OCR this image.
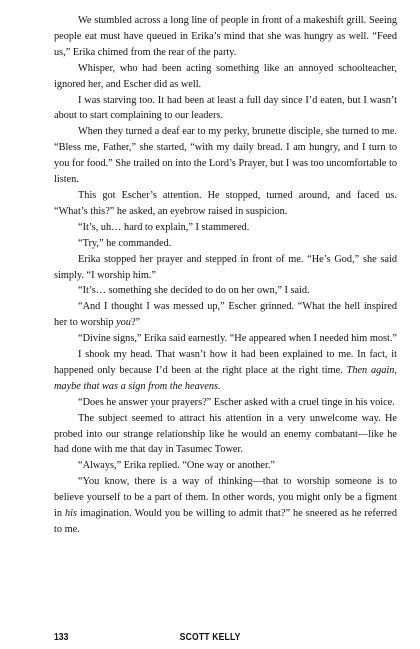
We stumbled across a long line of people in front of a makeshift grill. Seeing people eat must have queued in Erika’s mind that she was hungry as well. “Feed us,” Erika chimed from the rear of the party.

Whisper, who had been acting something like an annoyed schoolteacher, ignored her, and Escher did as well.

I was starving too. It had been at least a full day since I’d eaten, but I wasn’t about to start complaining to our leaders.

When they turned a deaf ear to my perky, brunette disciple, she turned to me. “Bless me, Father,” she started, “with my daily bread. I am hungry, and I turn to you for food.” She trailed on into the Lord’s Prayer, but I was too uncomfortable to listen.

This got Escher’s attention. He stopped, turned around, and faced us. “What’s this?” he asked, an eyebrow raised in suspicion.

“It’s, uh… hard to explain,” I stammered.

“Try,” he commanded.

Erika stopped her prayer and stepped in front of me. “He’s God,” she said simply. “I worship him.”

“It’s… something she decided to do on her own,” I said.

“And I thought I was messed up,” Escher grinned. “What the hell inspired her to worship you?”

“Divine signs,” Erika said earnestly. “He appeared when I needed him most.”

I shook my head. That wasn’t how it had been explained to me. In fact, it happened only because I’d been at the right place at the right time. Then again, maybe that was a sign from the heavens.

“Does he answer your prayers?” Escher asked with a cruel tinge in his voice.

The subject seemed to attract his attention in a very unwelcome way. He probed into our strange relationship like he would an enemy combatant—like he had done with me that day in Tasumec Tower.

“Always,” Erika replied. “One way or another.”

“You know, there is a way of thinking—that to worship someone is to believe yourself to be a part of them. In other words, you might only be a figment in his imagination. Would you be willing to admit that?” he sneered as he referred to me.

133	SCOTT KELLY
